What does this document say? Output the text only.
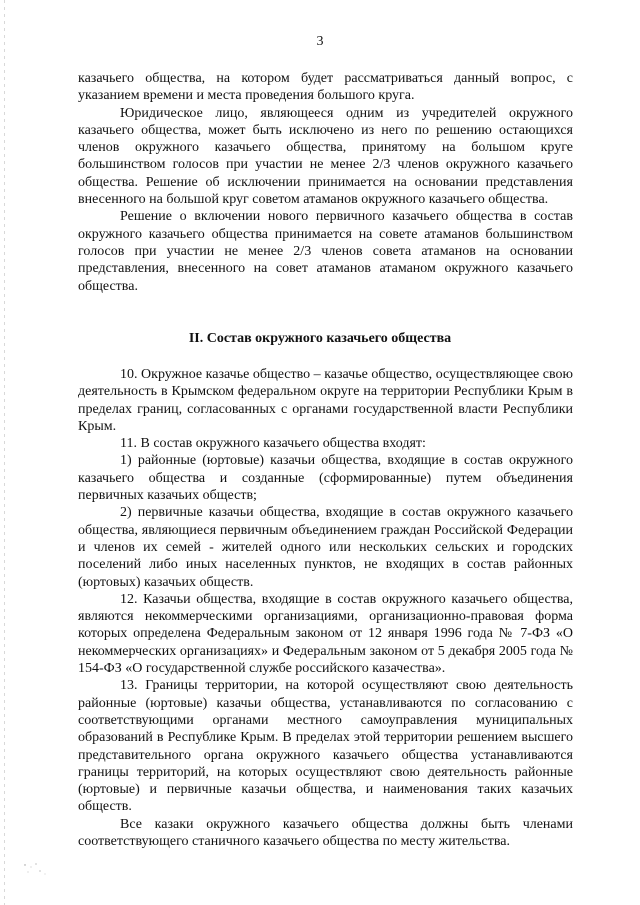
3

казачьего общества, на котором будет рассматриваться данный вопрос, с указанием времени и места проведения большого круга.

Юридическое лицо, являющееся одним из учредителей окружного казачьего общества, может быть исключено из него по решению остающихся членов окружного казачьего общества, принятому на большом круге большинством голосов при участии не менее 2/3 членов окружного казачьего общества. Решение об исключении принимается на основании представления внесенного на большой круг советом атаманов окружного казачьего общества.

Решение о включении нового первичного казачьего общества в состав окружного казачьего общества принимается на совете атаманов большинством голосов при участии не менее 2/3 членов совета атаманов на основании представления, внесенного на совет атаманов атаманом окружного казачьего общества.

II. Состав окружного казачьего общества

10. Окружное казачье общество – казачье общество, осуществляющее свою деятельность в Крымском федеральном округе на территории Республики Крым в пределах границ, согласованных с органами государственной власти Республики Крым.

11. В состав окружного казачьего общества входят:

1) районные (юртовые) казачьи общества, входящие в состав окружного казачьего общества и созданные (сформированные) путем объединения первичных казачьих обществ;

2) первичные казачьи общества, входящие в состав окружного казачьего общества, являющиеся первичным объединением граждан Российской Федерации и членов их семей - жителей одного или нескольких сельских и городских поселений либо иных населенных пунктов, не входящих в состав районных (юртовых) казачьих обществ.

12. Казачьи общества, входящие в состав окружного казачьего общества, являются некоммерческими организациями, организационно-правовая форма которых определена Федеральным законом от 12 января 1996 года № 7-ФЗ «О некоммерческих организациях» и Федеральным законом от 5 декабря 2005 года № 154-ФЗ «О государственной службе российского казачества».

13. Границы территории, на которой осуществляют свою деятельность районные (юртовые) казачьи общества, устанавливаются по согласованию с соответствующими органами местного самоуправления муниципальных образований в Республике Крым. В пределах этой территории решением высшего представительного органа окружного казачьего общества устанавливаются границы территорий, на которых осуществляют свою деятельность районные (юртовые) и первичные казачьи общества, и наименования таких казачьих обществ.

Все казаки окружного казачьего общества должны быть членами соответствующего станичного казачьего общества по месту жительства.
